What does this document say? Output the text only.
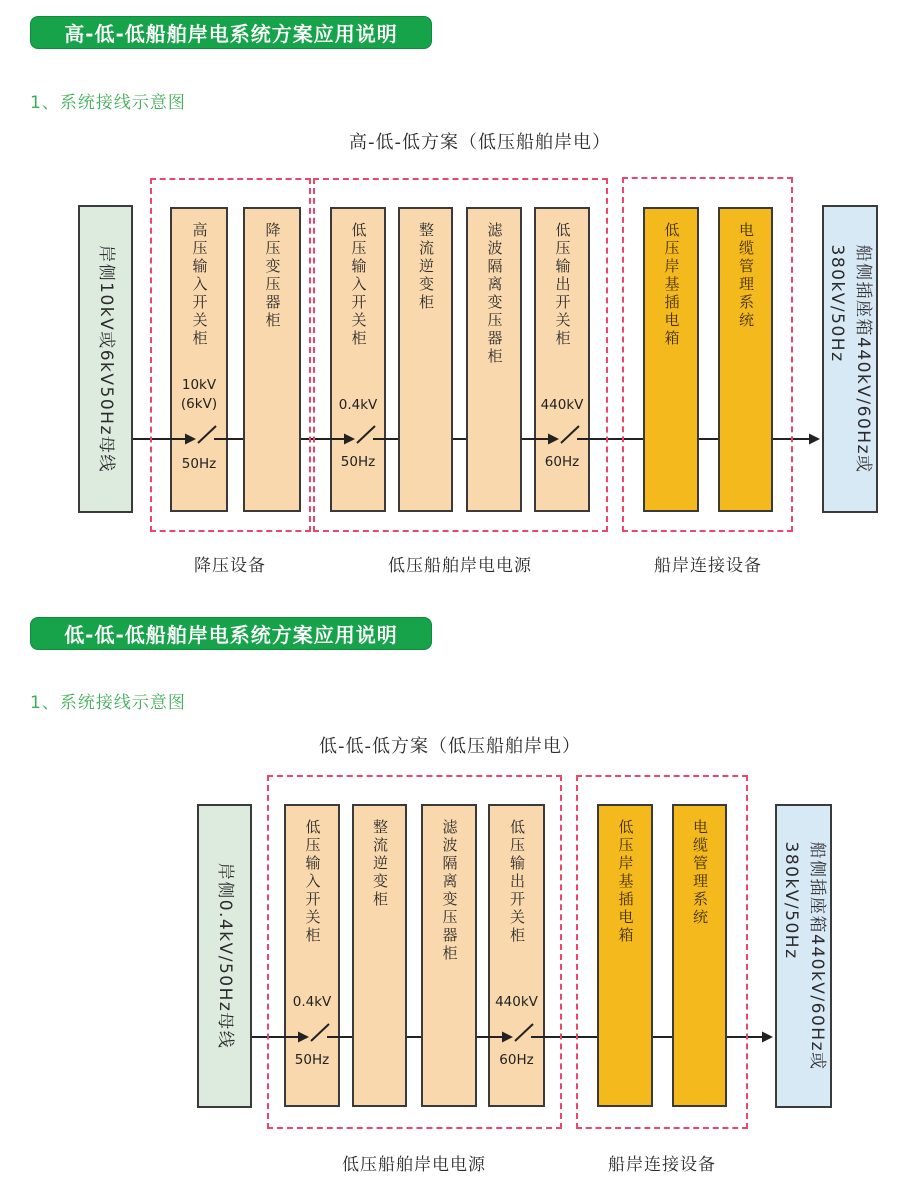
高-低-低船舶岸电系统方案应用说明
1、系统接线示意图
高-低-低方案（低压船舶岸电）
岸侧10kV或6kV50Hz母线	高压输入开关柜
10kV
(6kV)
50Hz
降压变压器柜	低压输入开关柜
0.4kV
50Hz
整流逆变柜	滤波隔离变压器柜	低压输出开关柜
440kV
60Hz
低压岸基插电箱	电缆管理系统	船侧插座箱440kV/60Hz或
380kV/50Hz
降压设备	低压船舶岸电电源	船岸连接设备
低-低-低船舶岸电系统方案应用说明
1、系统接线示意图
低-低-低方案（低压船舶岸电）
岸侧0.4kV/50Hz母线	低压输入开关柜
0.4kV
50Hz
整流逆变柜	滤波隔离变压器柜	低压输出开关柜
440kV
60Hz
低压岸基插电箱	电缆管理系统	船侧插座箱440kV/60Hz或
380kV/50Hz
低压船舶岸电电源	船岸连接设备
